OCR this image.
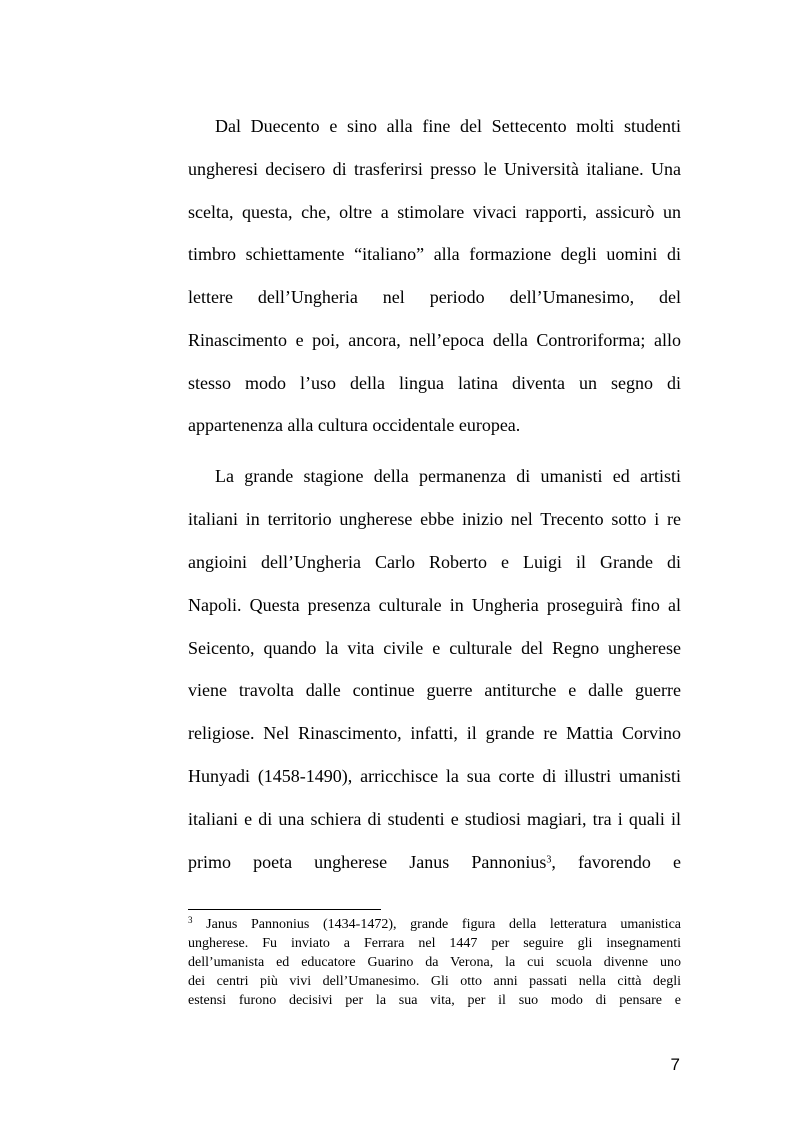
Dal Duecento e sino alla fine del Settecento molti studenti
ungheresi decisero di trasferirsi presso le Università italiane. Una
scelta, questa, che, oltre a stimolare vivaci rapporti, assicurò un
timbro schiettamente “italiano” alla formazione degli uomini di
lettere dell’Ungheria nel periodo dell’Umanesimo, del
Rinascimento e poi, ancora, nell’epoca della Controriforma; allo
stesso modo l’uso della lingua latina diventa un segno di
appartenenza alla cultura occidentale europea.
La grande stagione della permanenza di umanisti ed artisti
italiani in territorio ungherese ebbe inizio nel Trecento sotto i re
angioini dell’Ungheria Carlo Roberto e Luigi il Grande di
Napoli. Questa presenza culturale in Ungheria proseguirà fino al
Seicento, quando la vita civile e culturale del Regno ungherese
viene travolta dalle continue guerre antiturche e dalle guerre
religiose. Nel Rinascimento, infatti, il grande re Mattia Corvino
Hunyadi (1458-1490), arricchisce la sua corte di illustri umanisti
italiani e di una schiera di studenti e studiosi magiari, tra i quali il
primo poeta ungherese Janus Pannonius$^3$, favorendo e
$^3$ Janus Pannonius (1434-1472), grande figura della letteratura umanistica
ungherese. Fu inviato a Ferrara nel 1447 per seguire gli insegnamenti
dell’umanista ed educatore Guarino da Verona, la cui scuola divenne uno
dei centri più vivi dell’Umanesimo. Gli otto anni passati nella città degli
estensi furono decisivi per la sua vita, per il suo modo di pensare e
7
